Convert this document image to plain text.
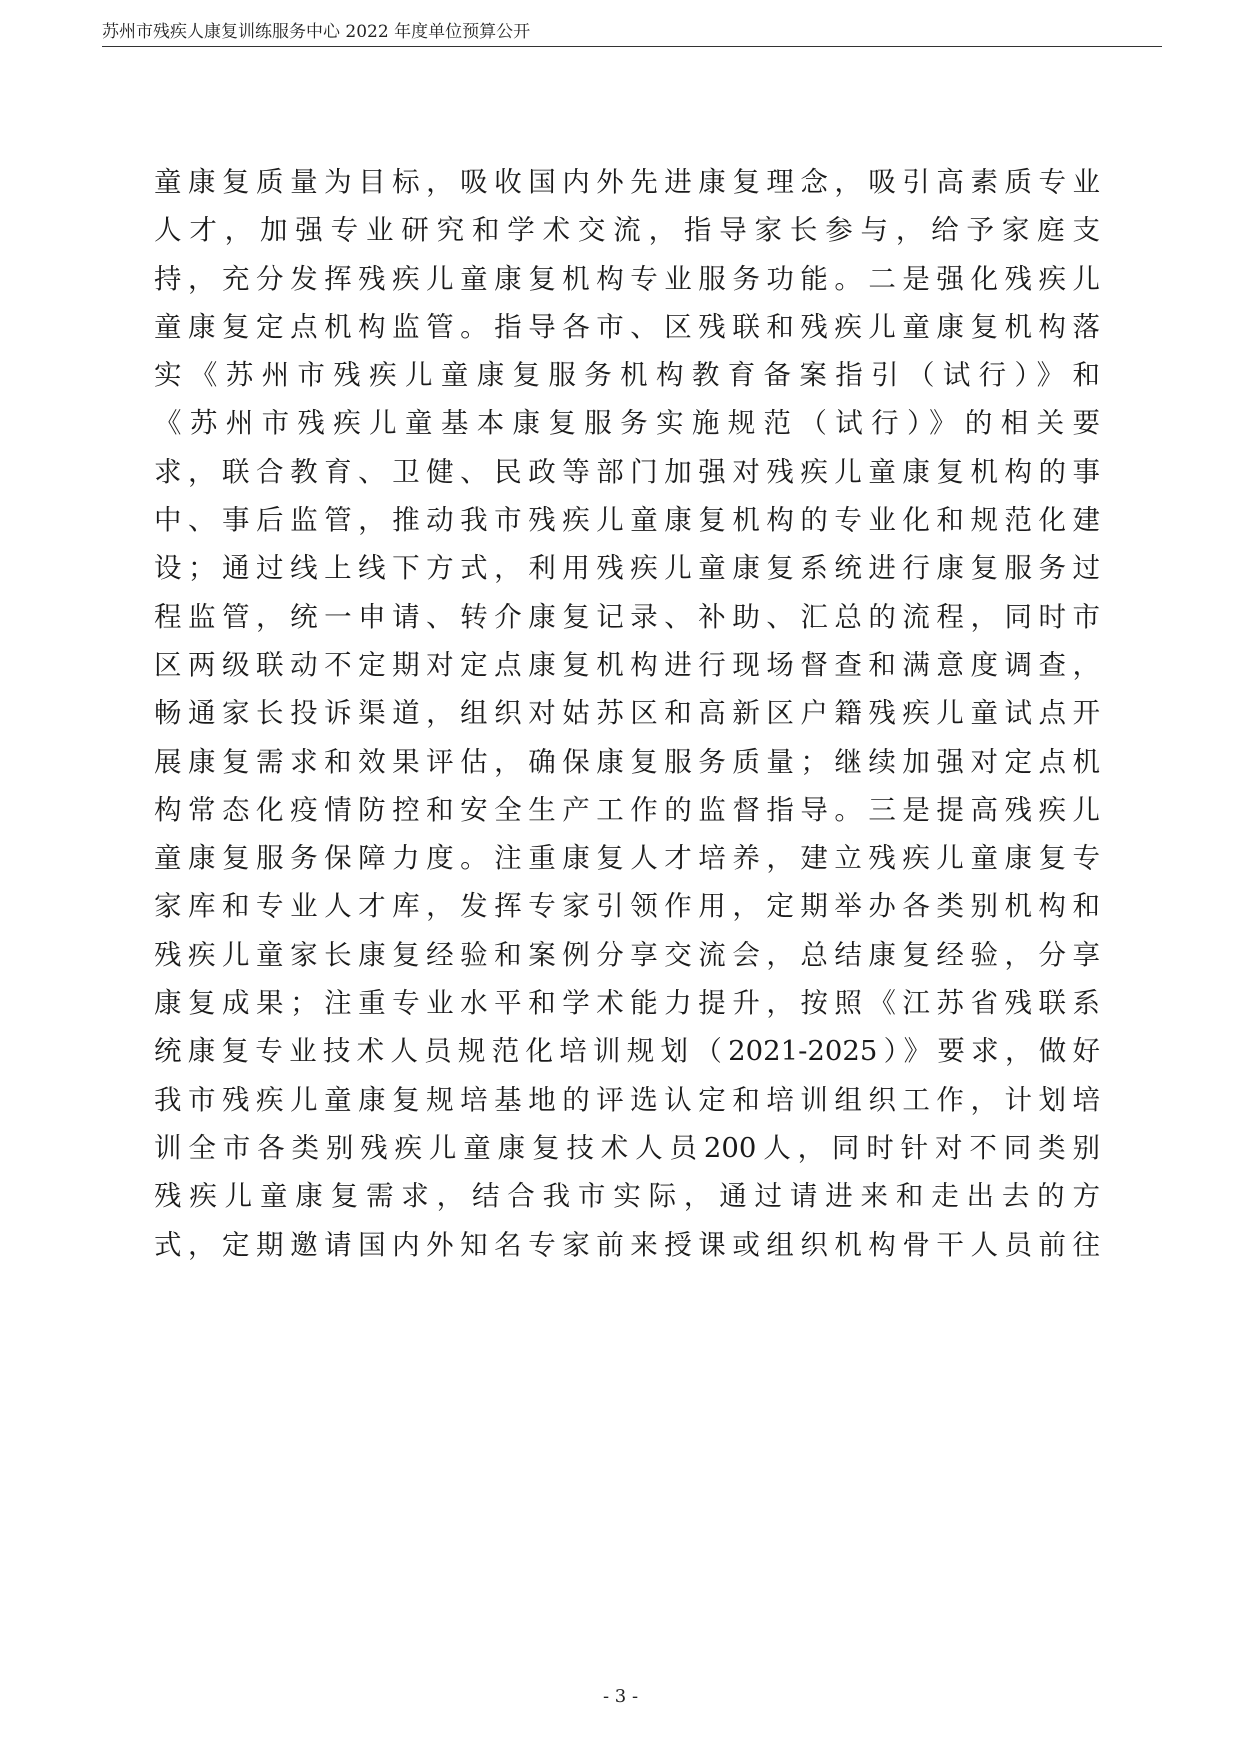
苏州市残疾人康复训练服务中心 2022 年度单位预算公开
童康复质量为目标，吸收国内外先进康复理念，吸引高素质专业
人才，加强专业研究和学术交流，指导家长参与，给予家庭支
持，充分发挥残疾儿童康复机构专业服务功能。二是强化残疾儿
童康复定点机构监管。指导各市、区残联和残疾儿童康复机构落
实《苏州市残疾儿童康复服务机构教育备案指引（试行）》和
《苏州市残疾儿童基本康复服务实施规范（试行）》的相关要
求，联合教育、卫健、民政等部门加强对残疾儿童康复机构的事
中、事后监管，推动我市残疾儿童康复机构的专业化和规范化建
设；通过线上线下方式，利用残疾儿童康复系统进行康复服务过
程监管，统一申请、转介康复记录、补助、汇总的流程，同时市
区两级联动不定期对定点康复机构进行现场督查和满意度调查，
畅通家长投诉渠道，组织对姑苏区和高新区户籍残疾儿童试点开
展康复需求和效果评估，确保康复服务质量；继续加强对定点机
构常态化疫情防控和安全生产工作的监督指导。三是提高残疾儿
童康复服务保障力度。注重康复人才培养，建立残疾儿童康复专
家库和专业人才库，发挥专家引领作用，定期举办各类别机构和
残疾儿童家长康复经验和案例分享交流会，总结康复经验，分享
康复成果；注重专业水平和学术能力提升，按照《江苏省残联系
统康复专业技术人员规范化培训规划（2021-2025）》要求，做好
我市残疾儿童康复规培基地的评选认定和培训组织工作，计划培
训全市各类别残疾儿童康复技术人员200人，同时针对不同类别
残疾儿童康复需求，结合我市实际，通过请进来和走出去的方
式，定期邀请国内外知名专家前来授课或组织机构骨干人员前往
- 3 -
